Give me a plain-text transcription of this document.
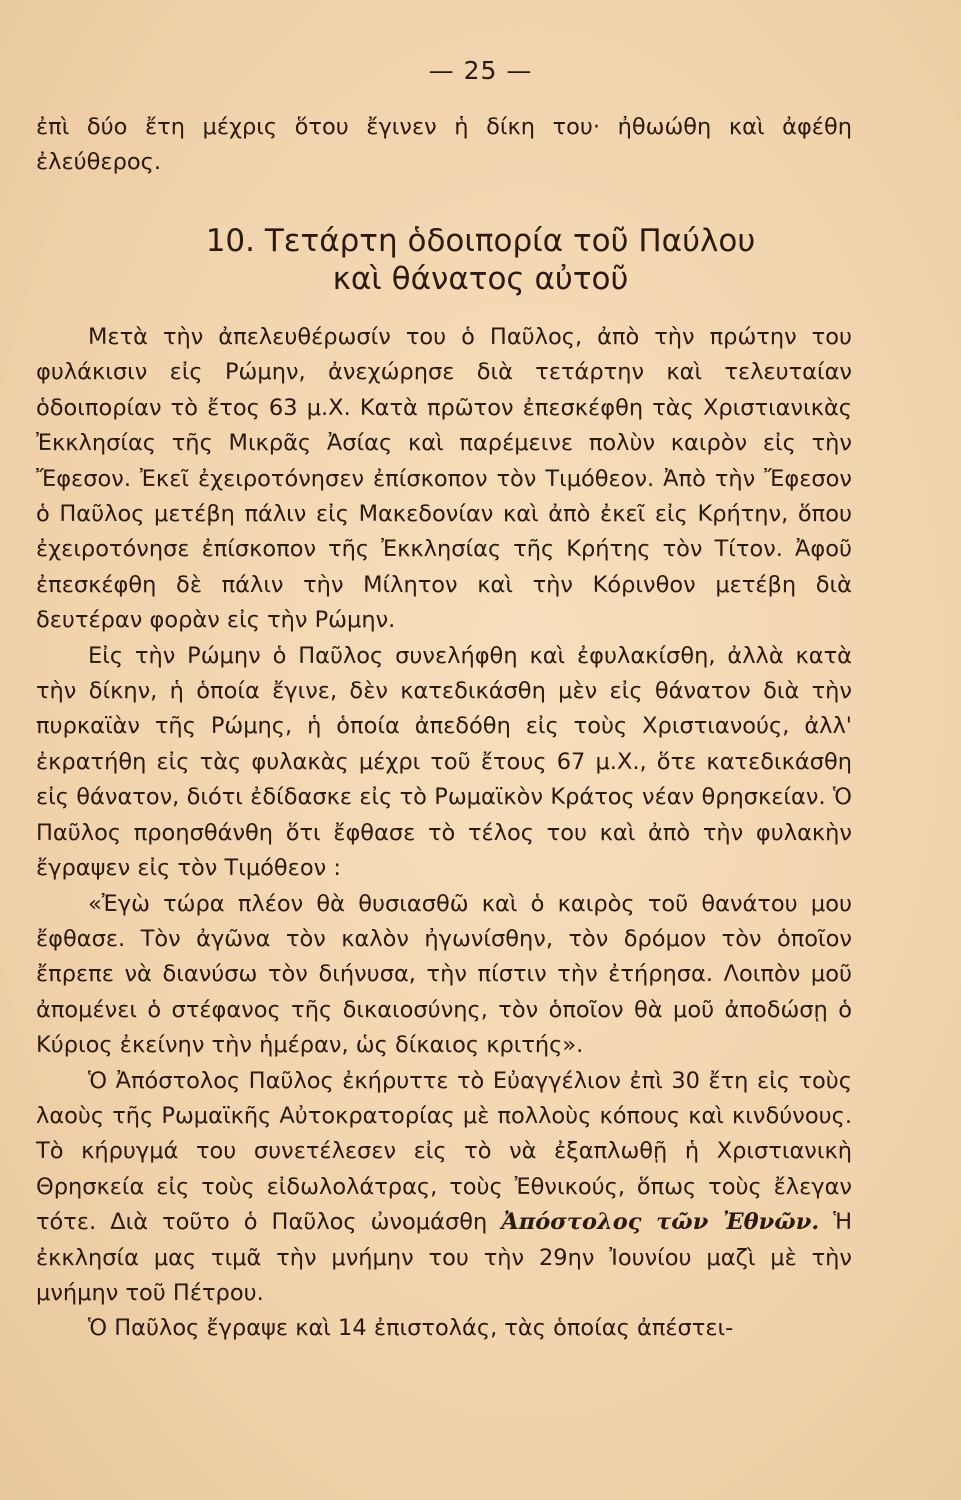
— 25 —

ἐπὶ δύο ἔτη μέχρις ὅτου ἔγινεν ἡ δίκη του· ἠθωώθη καὶ ἀφέθη ἐλεύθερος.

10. Τετάρτη ὁδοιπορία τοῦ Παύλου
καὶ θάνατος αὐτοῦ

Μετὰ τὴν ἀπελευθέρωσίν του ὁ Παῦλος, ἀπὸ τὴν πρώτην του φυλάκισιν εἰς Ρώμην, ἀνεχώρησε διὰ τετάρτην καὶ τελευταίαν ὁδοιπορίαν τὸ ἔτος 63 μ.Χ. Κατὰ πρῶτον ἐπεσκέφθη τὰς Χριστιανικὰς Ἐκκλησίας τῆς Μικρᾶς Ἀσίας καὶ παρέμεινε πολὺν καιρὸν εἰς τὴν Ἔφεσον. Ἐκεῖ ἐχειροτόνησεν ἐπίσκοπον τὸν Τιμόθεον. Ἀπὸ τὴν Ἔφεσον ὁ Παῦλος μετέβη πάλιν εἰς Μακεδονίαν καὶ ἀπὸ ἐκεῖ εἰς Κρήτην, ὅπου ἐχειροτόνησε ἐπίσκοπον τῆς Ἐκκλησίας τῆς Κρήτης τὸν Τίτον. Ἀφοῦ ἐπεσκέφθη δὲ πάλιν τὴν Μίλητον καὶ τὴν Κόρινθον μετέβη διὰ δευτέραν φορὰν εἰς τὴν Ρώμην.

Εἰς τὴν Ρώμην ὁ Παῦλος συνελήφθη καὶ ἐφυλακίσθη, ἀλλὰ κατὰ τὴν δίκην, ἡ ὁποία ἔγινε, δὲν κατεδικάσθη μὲν εἰς θάνατον διὰ τὴν πυρκαϊὰν τῆς Ρώμης, ἡ ὁποία ἀπεδόθη εἰς τοὺς Χριστιανούς, ἀλλ' ἐκρατήθη εἰς τὰς φυλακὰς μέχρι τοῦ ἔτους 67 μ.Χ., ὅτε κατεδικάσθη εἰς θάνατον, διότι ἐδίδασκε εἰς τὸ Ρωμαϊκὸν Κράτος νέαν θρησκείαν. Ὁ Παῦλος προησθάνθη ὅτι ἔφθασε τὸ τέλος του καὶ ἀπὸ τὴν φυλακὴν ἔγραψεν εἰς τὸν Τιμόθεον :

«Ἐγὼ τώρα πλέον θὰ θυσιασθῶ καὶ ὁ καιρὸς τοῦ θανάτου μου ἔφθασε. Τὸν ἀγῶνα τὸν καλὸν ἠγωνίσθην, τὸν δρόμον τὸν ὁποῖον ἔπρεπε νὰ διανύσω τὸν διήνυσα, τὴν πίστιν τὴν ἐτήρησα. Λοιπὸν μοῦ ἀπομένει ὁ στέφανος τῆς δικαιοσύνης, τὸν ὁποῖον θὰ μοῦ ἀποδώσῃ ὁ Κύριος ἐκείνην τὴν ἡμέραν, ὡς δίκαιος κριτής».

Ὁ Ἀπόστολος Παῦλος ἐκήρυττε τὸ Εὐαγγέλιον ἐπὶ 30 ἔτη εἰς τοὺς λαοὺς τῆς Ρωμαϊκῆς Αὐτοκρατορίας μὲ πολλοὺς κόπους καὶ κινδύνους. Τὸ κήρυγμά του συνετέλεσεν εἰς τὸ νὰ ἐξαπλωθῇ ἡ Χριστιανικὴ Θρησκεία εἰς τοὺς εἰδωλολάτρας, τοὺς Ἐθνικούς, ὅπως τοὺς ἔλεγαν τότε. Διὰ τοῦτο ὁ Παῦλος ὠνομάσθη Ἀπόστολος τῶν Ἐθνῶν. Ἡ ἐκκλησία μας τιμᾶ τὴν μνήμην του τὴν 29ην Ἰουνίου μαζὶ μὲ τὴν μνήμην τοῦ Πέτρου.

Ὁ Παῦλος ἔγραψε καὶ 14 ἐπιστολάς, τὰς ὁποίας ἀπέστει-
